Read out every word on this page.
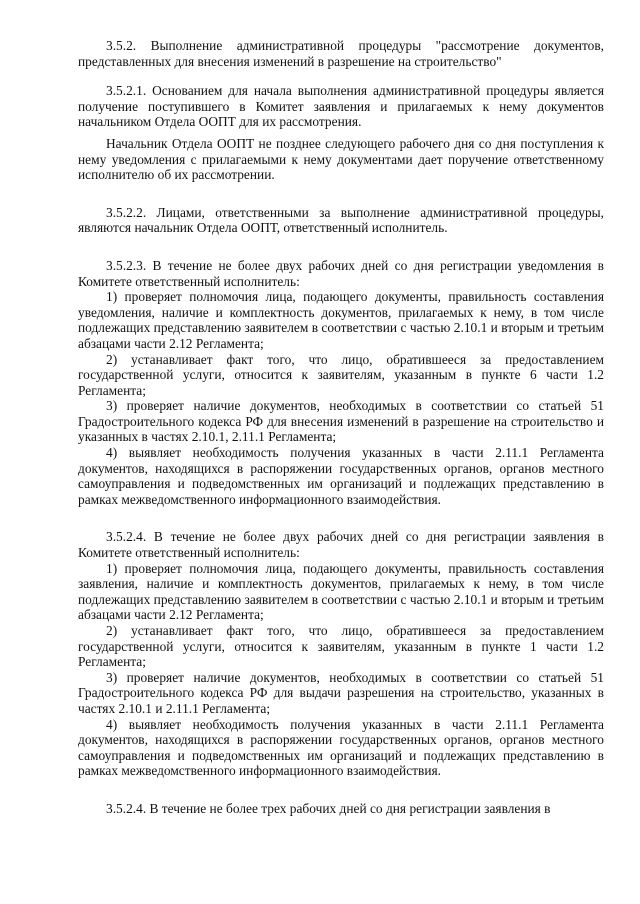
3.5.2. Выполнение административной процедуры "рассмотрение документов, представленных для внесения изменений в разрешение на строительство"

3.5.2.1. Основанием для начала выполнения административной процедуры является получение поступившего в Комитет заявления и прилагаемых к нему документов начальником Отдела ООПТ для их рассмотрения.

Начальник Отдела ООПТ не позднее следующего рабочего дня со дня поступления к нему уведомления с прилагаемыми к нему документами дает поручение ответственному исполнителю об их рассмотрении.

3.5.2.2. Лицами, ответственными за выполнение административной процедуры, являются начальник Отдела ООПТ, ответственный исполнитель.

3.5.2.3. В течение не более двух рабочих дней со дня регистрации уведомления в Комитете ответственный исполнитель:

1) проверяет полномочия лица, подающего документы, правильность составления уведомления, наличие и комплектность документов, прилагаемых к нему, в том числе подлежащих представлению заявителем в соответствии с частью 2.10.1 и вторым и третьим абзацами части 2.12 Регламента;

2) устанавливает факт того, что лицо, обратившееся за предоставлением государственной услуги, относится к заявителям, указанным в пункте 6 части 1.2 Регламента;

3) проверяет наличие документов, необходимых в соответствии со статьей 51 Градостроительного кодекса РФ для внесения изменений в разрешение на строительство и указанных в частях 2.10.1, 2.11.1 Регламента;

4) выявляет необходимость получения указанных в части 2.11.1 Регламента документов, находящихся в распоряжении государственных органов, органов местного самоуправления и подведомственных им организаций и подлежащих представлению в рамках межведомственного информационного взаимодействия.

3.5.2.4. В течение не более двух рабочих дней со дня регистрации заявления в Комитете ответственный исполнитель:

1) проверяет полномочия лица, подающего документы, правильность составления заявления, наличие и комплектность документов, прилагаемых к нему, в том числе подлежащих представлению заявителем в соответствии с частью 2.10.1 и вторым и третьим абзацами части 2.12 Регламента;

2) устанавливает факт того, что лицо, обратившееся за предоставлением государственной услуги, относится к заявителям, указанным в пункте 1 части 1.2 Регламента;

3) проверяет наличие документов, необходимых в соответствии со статьей 51 Градостроительного кодекса РФ для выдачи разрешения на строительство, указанных в частях 2.10.1 и 2.11.1 Регламента;

4) выявляет необходимость получения указанных в части 2.11.1 Регламента документов, находящихся в распоряжении государственных органов, органов местного самоуправления и подведомственных им организаций и подлежащих представлению в рамках межведомственного информационного взаимодействия.

3.5.2.4. В течение не более трех рабочих дней со дня регистрации заявления в
